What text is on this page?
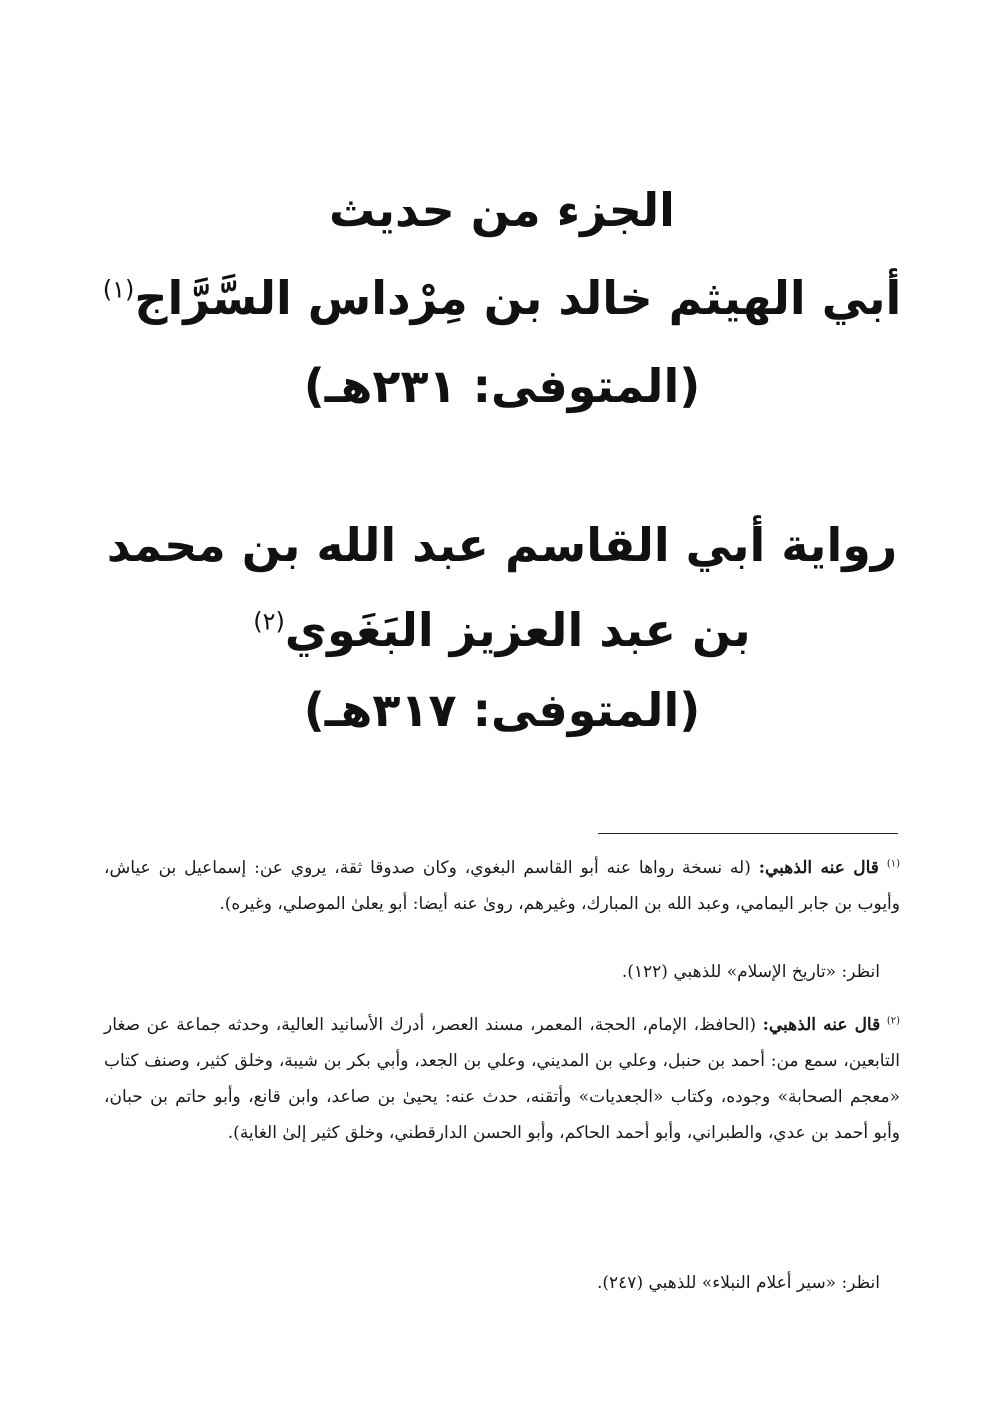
الجزء من حديث
أبي الهيثم خالد بن مِرْداس السَّرَّاج$^{(١)}$
(المتوفى: ٢٣١هـ)
رواية أبي القاسم عبد الله بن محمد
بن عبد العزيز البَغَوي$^{(٢)}$
(المتوفى: ٣١٧هـ)
$^{(١)}$ قال عنه الذهبي: (له نسخة رواها عنه أبو القاسم البغوي، وكان صدوقا ثقة، يروي عن: إسماعيل بن عياش، وأيوب بن جابر اليمامي، وعبد الله بن المبارك، وغيرهم، روىٰ عنه أيضا: أبو يعلىٰ الموصلي، وغيره).
انظر: «تاريخ الإسلام» للذهبي (١٢٢).
$^{(٢)}$ قال عنه الذهبي: (الحافظ، الإمام، الحجة، المعمر، مسند العصر، أدرك الأسانيد العالية، وحدثه جماعة عن صغار التابعين، سمع من: أحمد بن حنبل، وعلي بن المديني، وعلي بن الجعد، وأبي بكر بن شيبة، وخلق كثير، وصنف كتاب «معجم الصحابة» وجوده، وكتاب «الجعديات» وأتقنه، حدث عنه: يحيىٰ بن صاعد، وابن قانع، وأبو حاتم بن حبان، وأبو أحمد بن عدي، والطبراني، وأبو أحمد الحاكم، وأبو الحسن الدارقطني، وخلق كثير إلىٰ الغاية).
انظر: «سير أعلام النبلاء» للذهبي (٢٤٧).
